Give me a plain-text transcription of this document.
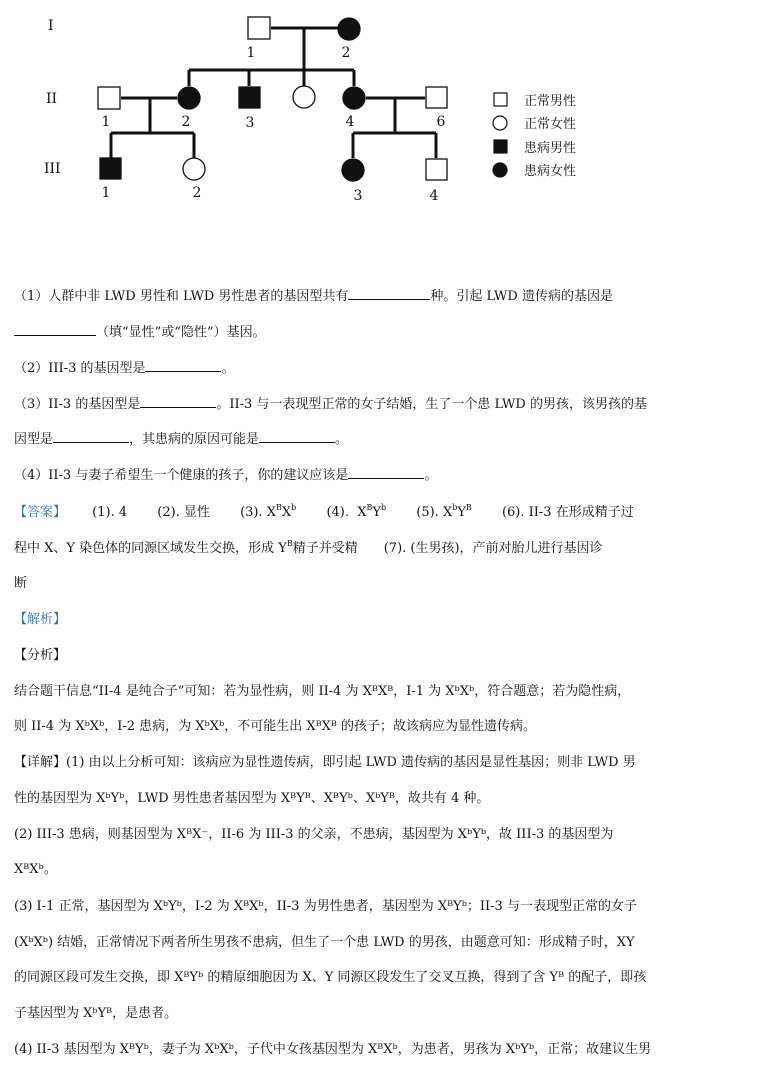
I
II
III
1	2
1	2	3	4	6
1	2	3	4
正常男性
正常女性
患病男性
患病女性
（1）人群中非 LWD 男性和 LWD 男性患者的基因型共有	种。引起 LWD 遗传病的基因是
（填“显性”或“隐性”）基因。
（2）III-3 的基因型是	。
（3）II-3 的基因型是	。II-3 与一表现型正常的女子结婚，生了一个患 LWD 的男孩，该男孩的基
因型是	，其患病的原因可能是	。
（4）II-3 与妻子希望生一个健康的孩子，你的建议应该是	。
【答案】 (1). 4 (2). 显性 (3). $X^BX^b$ (4). $X^BY^b$ (5). $X^bY^B$ (6). II-3 在形成精子过
程中 X、Y 染色体的同源区域发生交换，形成 $Y^B$精子并受精 (7). (生男孩)，产前对胎儿进行基因诊
断
【解析】
【分析】
结合题干信息“II-4 是纯合子”可知：若为显性病，则 II-4 为 XᴮXᴮ，I-1 为 XᵇXᵇ，符合题意；若为隐性病，
则 II-4 为 XᵇXᵇ，I-2 患病，为 XᵇXᵇ，不可能生出 XᴮXᴮ 的孩子；故该病应为显性遗传病。
【详解】(1) 由以上分析可知：该病应为显性遗传病，即引起 LWD 遗传病的基因是显性基因；则非 LWD 男
性的基因型为 XᵇYᵇ，LWD 男性患者基因型为 XᴮYᴮ、XᴮYᵇ、XᵇYᴮ，故共有 4 种。
(2) III-3 患病，则基因型为 XᴮX⁻，II-6 为 III-3 的父亲，不患病，基因型为 XᵇYᵇ，故 III-3 的基因型为
XᴮXᵇ。
(3) I-1 正常，基因型为 XᵇYᵇ，I-2 为 XᴮXᵇ，II-3 为男性患者，基因型为 XᴮYᵇ；II-3 与一表现型正常的女子
(XᵇXᵇ) 结婚，正常情况下两者所生男孩不患病，但生了一个患 LWD 的男孩，由题意可知：形成精子时，XY
的同源区段可发生交换，即 XᴮYᵇ 的精原细胞因为 X、Y 同源区段发生了交叉互换，得到了含 Yᴮ 的配子，即孩
子基因型为 XᵇYᴮ，是患者。
(4) II-3 基因型为 XᴮYᵇ，妻子为 XᵇXᵇ，子代中女孩基因型为 XᴮXᵇ，为患者，男孩为 XᵇYᵇ，正常；故建议生男
